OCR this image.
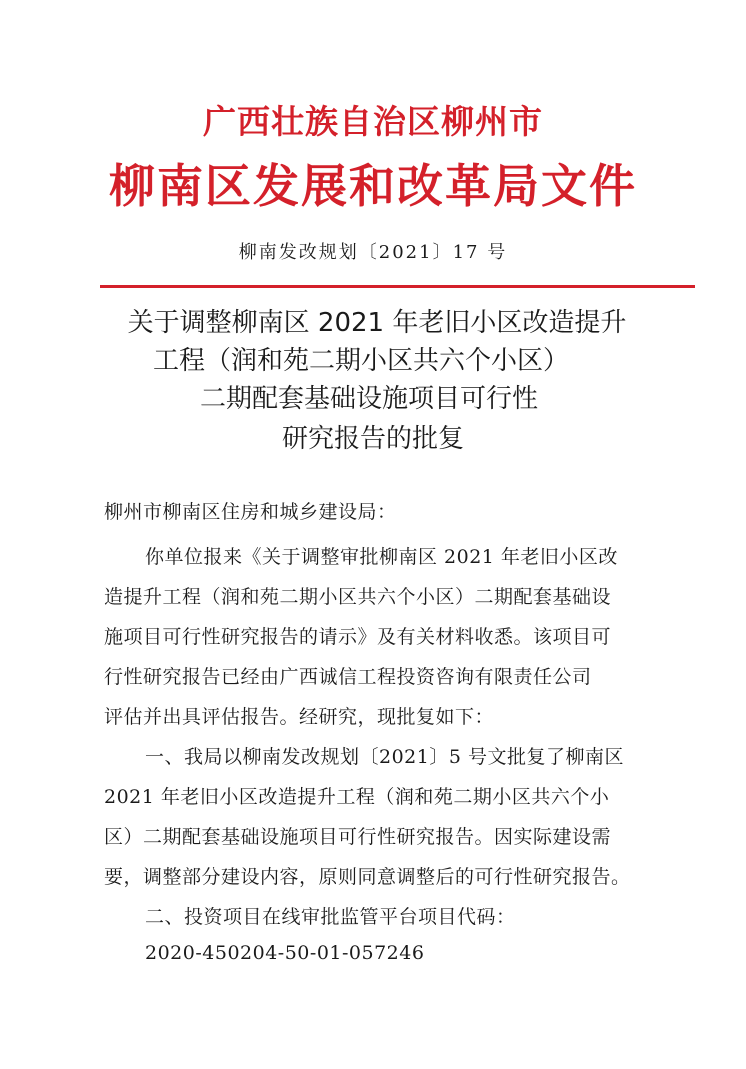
广西壮族自治区柳州市
柳南区发展和改革局文件
柳南发改规划〔2021〕17 号
关于调整柳南区 2021 年老旧小区改造提升
工程（润和苑二期小区共六个小区）
二期配套基础设施项目可行性
研究报告的批复
柳州市柳南区住房和城乡建设局：
你单位报来《关于调整审批柳南区 2021 年老旧小区改
造提升工程（润和苑二期小区共六个小区）二期配套基础设
施项目可行性研究报告的请示》及有关材料收悉。该项目可
行性研究报告已经由广西诚信工程投资咨询有限责任公司
评估并出具评估报告。经研究，现批复如下：
一、我局以柳南发改规划〔2021〕5 号文批复了柳南区
2021 年老旧小区改造提升工程（润和苑二期小区共六个小
区）二期配套基础设施项目可行性研究报告。因实际建设需
要，调整部分建设内容，原则同意调整后的可行性研究报告。
二、投资项目在线审批监管平台项目代码：
2020-450204-50-01-057246
